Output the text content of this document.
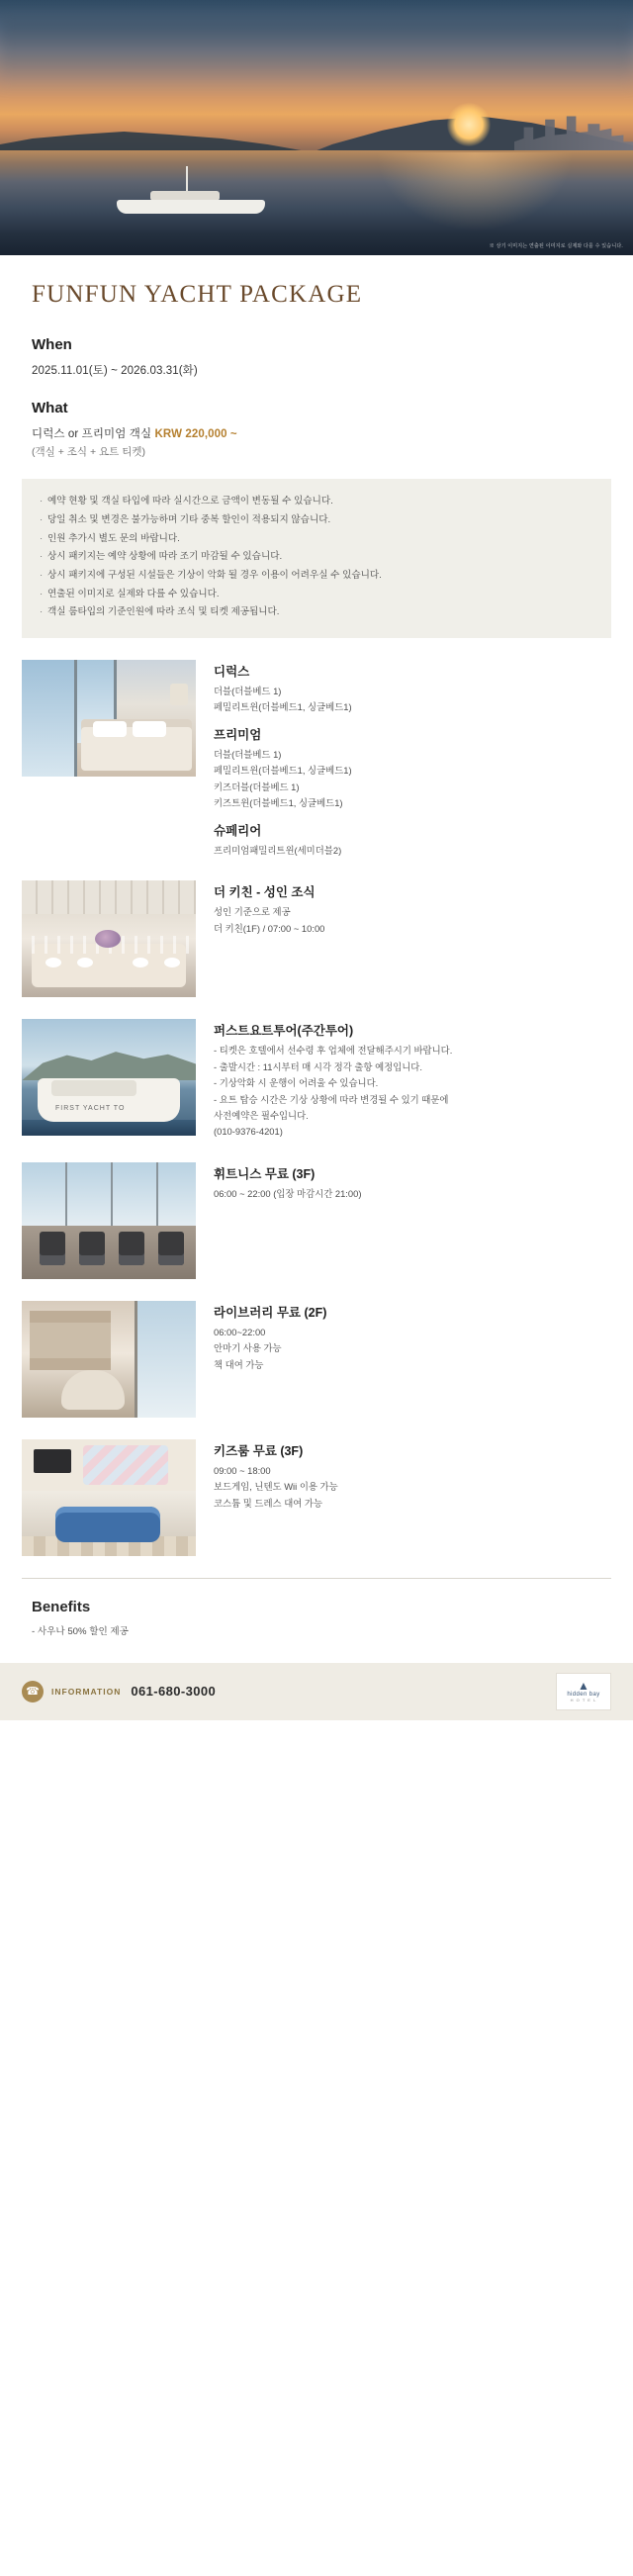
※ 상기 이미지는 연출된 이미지로 실제와 다를 수 있습니다.
FUNFUN YACHT PACKAGE
When
2025.11.01(토) ~ 2026.03.31(화)
What
디럭스 or 프리미엄 객실 KRW 220,000 ~
(객실 + 조식 + 요트 티켓)
· 예약 현황 및 객실 타입에 따라 실시간으로 금액이 변동될 수 있습니다.
· 당일 취소 및 변경은 불가능하며 기타 중복 할인이 적용되지 않습니다.
· 인원 추가시 별도 문의 바랍니다.
· 상시 패키지는 예약 상황에 따라 조기 마감될 수 있습니다.
· 상시 패키지에 구성된 시설들은 기상이 악화 될 경우 이용이 어려우실 수 있습니다.
· 연출된 이미지로 실제와 다를 수 있습니다.
· 객실 룸타입의 기준인원에 따라 조식 및 티켓 제공됩니다.
디럭스
더블(더블베드 1)
페밀리트윈(더블베드1, 싱글베드1)
프리미엄
더블(더블베드 1)
페밀리트윈(더블베드1, 싱글베드1)
키즈더블(더블베드 1)
키즈트윈(더블베드1, 싱글베드1)
슈페리어
프리미엄패밀리트윈(세미더블2)
더 키친 - 성인 조식
성인 기준으로 제공
더 키친(1F) / 07:00 ~ 10:00
FIRST YACHT TO
퍼스트요트투어(주간투어)
- 티켓은 호텔에서 선수령 후 업체에 전달해주시기 바랍니다.
- 출발시간 : 11시부터 매 시각 정각 출항 예정입니다.
- 기상악화 시 운행이 어려울 수 있습니다.
- 요트 탑승 시간은 기상 상황에 따라 변경될 수 있기 때문에
사전예약은 필수입니다.
(010-9376-4201)
휘트니스 무료 (3F)
06:00 ~ 22:00 (입장 마감시간 21:00)
라이브러리 무료 (2F)
06:00~22:00
안마기 사용 가능
책 대여 가능
키즈룸 무료 (3F)
09:00 ~ 18:00
보드게임, 닌텐도 Wii 이용 가능
코스튬 및 드레스 대여 가능
Benefits

- 사우나 50% 할인 제공

☎	INFORMATION 061-680-3000	▲
hidden bay
H O T E L
